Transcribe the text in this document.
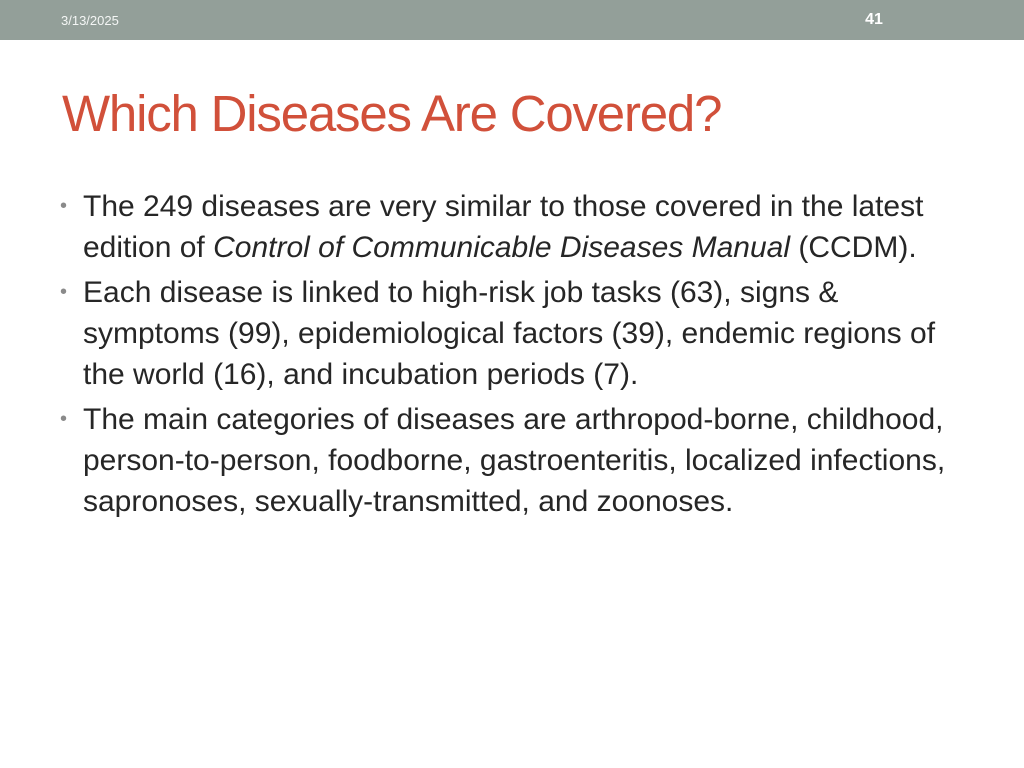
3/13/2025	41
Which Diseases Are Covered?
• The 249 diseases are very similar to those covered in the latest edition of Control of Communicable Diseases Manual (CCDM).
• Each disease is linked to high-risk job tasks (63), signs & symptoms (99), epidemiological factors (39), endemic regions of the world (16), and incubation periods (7).
• The main categories of diseases are arthropod-borne, childhood, person-to-person, foodborne, gastroenteritis, localized infections, sapronoses, sexually-transmitted, and zoonoses.
